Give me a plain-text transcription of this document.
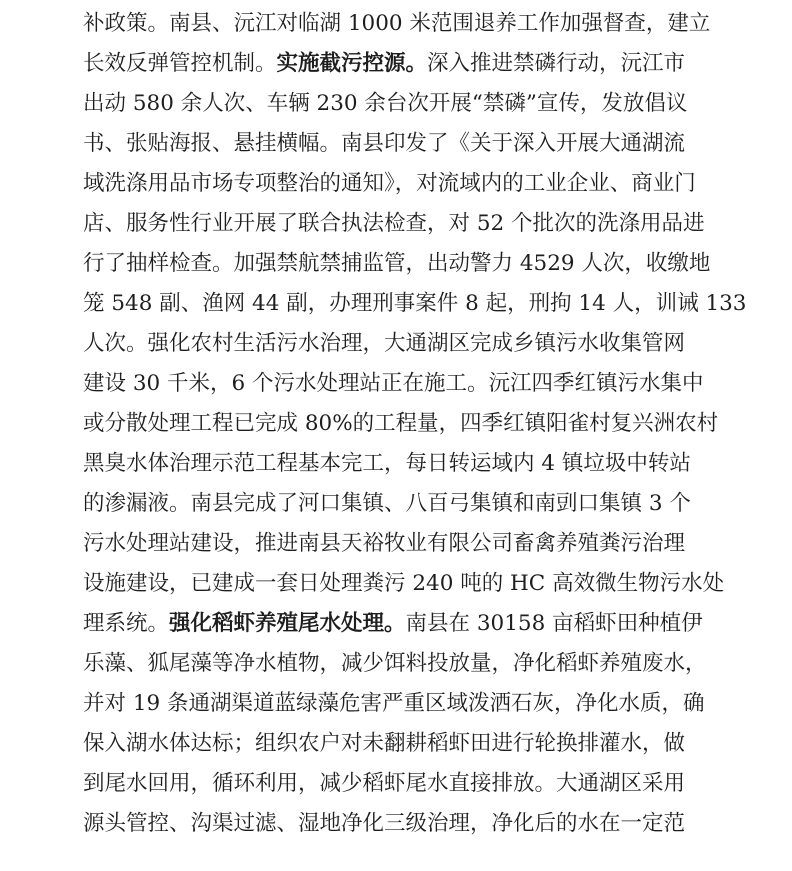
补政策。南县、沅江对临湖 1000 米范围退养工作加强督查，建立
长效反弹管控机制。实施截污控源。深入推进禁磷行动，沅江市
出动 580 余人次、车辆 230 余台次开展“禁磷”宣传，发放倡议
书、张贴海报、悬挂横幅。南县印发了《关于深入开展大通湖流
域洗涤用品市场专项整治的通知》，对流域内的工业企业、商业门
店、服务性行业开展了联合执法检查，对 52 个批次的洗涤用品进
行了抽样检查。加强禁航禁捕监管，出动警力 4529 人次，收缴地
笼 548 副、渔网 44 副，办理刑事案件 8 起，刑拘 14 人，训诫 133
人次。强化农村生活污水治理，大通湖区完成乡镇污水收集管网
建设 30 千米，6 个污水处理站正在施工。沅江四季红镇污水集中
或分散处理工程已完成 80%的工程量，四季红镇阳雀村复兴洲农村
黑臭水体治理示范工程基本完工，每日转运域内 4 镇垃圾中转站
的渗漏液。南县完成了河口集镇、八百弓集镇和南剅口集镇 3 个
污水处理站建设，推进南县天裕牧业有限公司畜禽养殖粪污治理
设施建设，已建成一套日处理粪污 240 吨的 HC 高效微生物污水处
理系统。强化稻虾养殖尾水处理。南县在 30158 亩稻虾田种植伊
乐藻、狐尾藻等净水植物，减少饵料投放量，净化稻虾养殖废水，
并对 19 条通湖渠道蓝绿藻危害严重区域泼洒石灰，净化水质，确
保入湖水体达标；组织农户对未翻耕稻虾田进行轮换排灌水，做
到尾水回用，循环利用，减少稻虾尾水直接排放。大通湖区采用
源头管控、沟渠过滤、湿地净化三级治理，净化后的水在一定范
